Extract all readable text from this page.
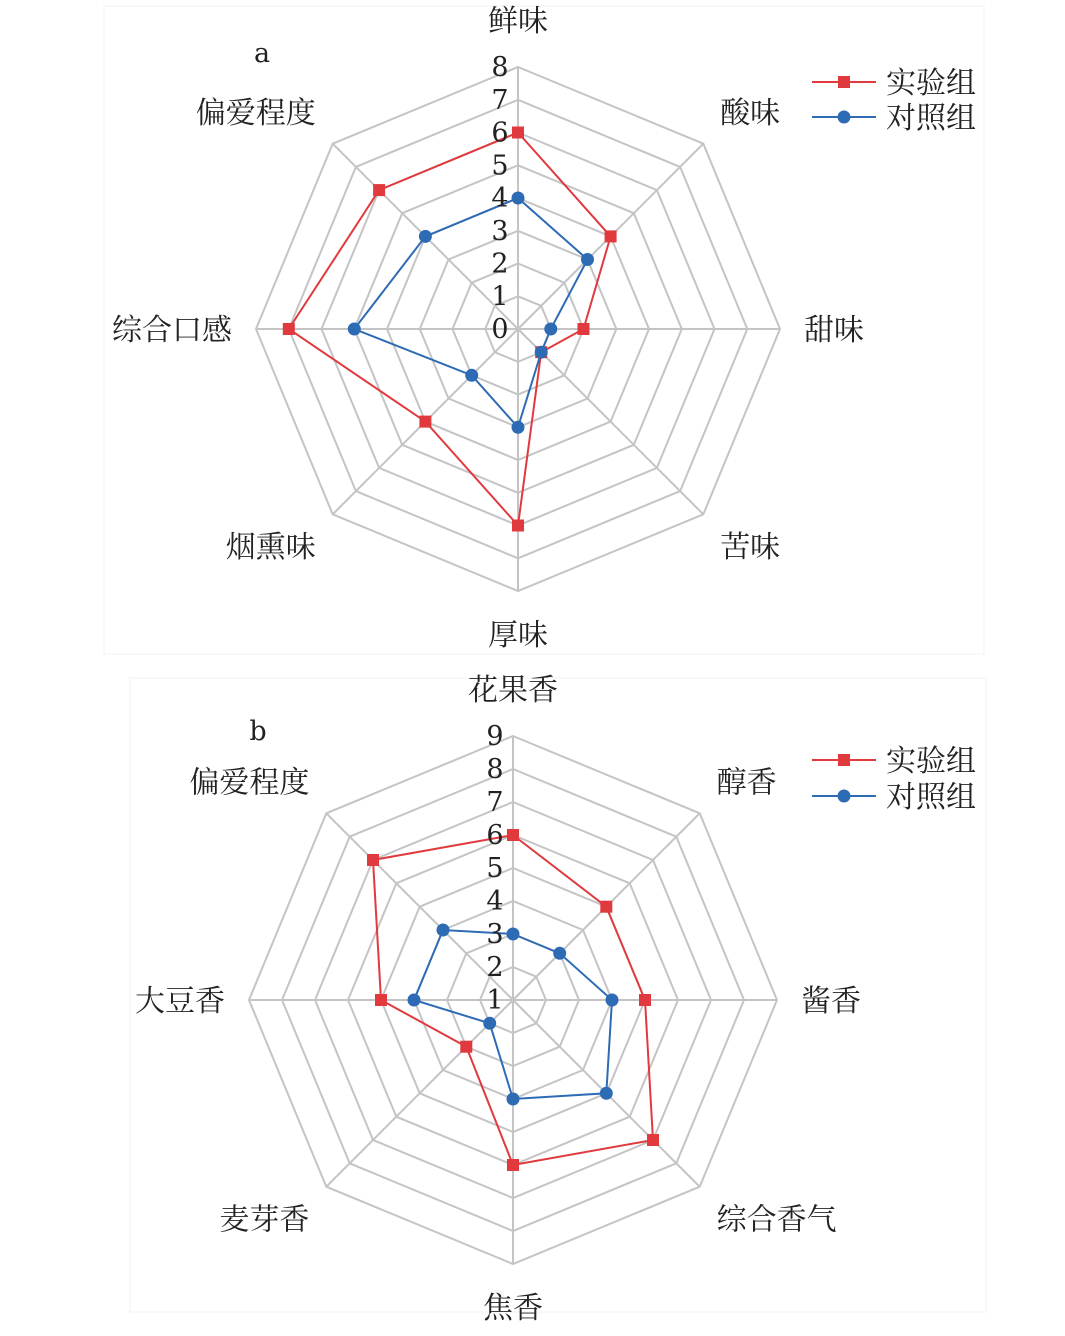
a
0
1
2
3
4
5
6
7
8
鲜味
酸味
甜味
苦味
厚味
烟熏味
综合口感
偏爱程度
实验组
对照组
b
1
2
3
4
5
6
7
8
9
花果香
醇香
酱香
综合香气
焦香
麦芽香
大豆香
偏爱程度
实验组
对照组
